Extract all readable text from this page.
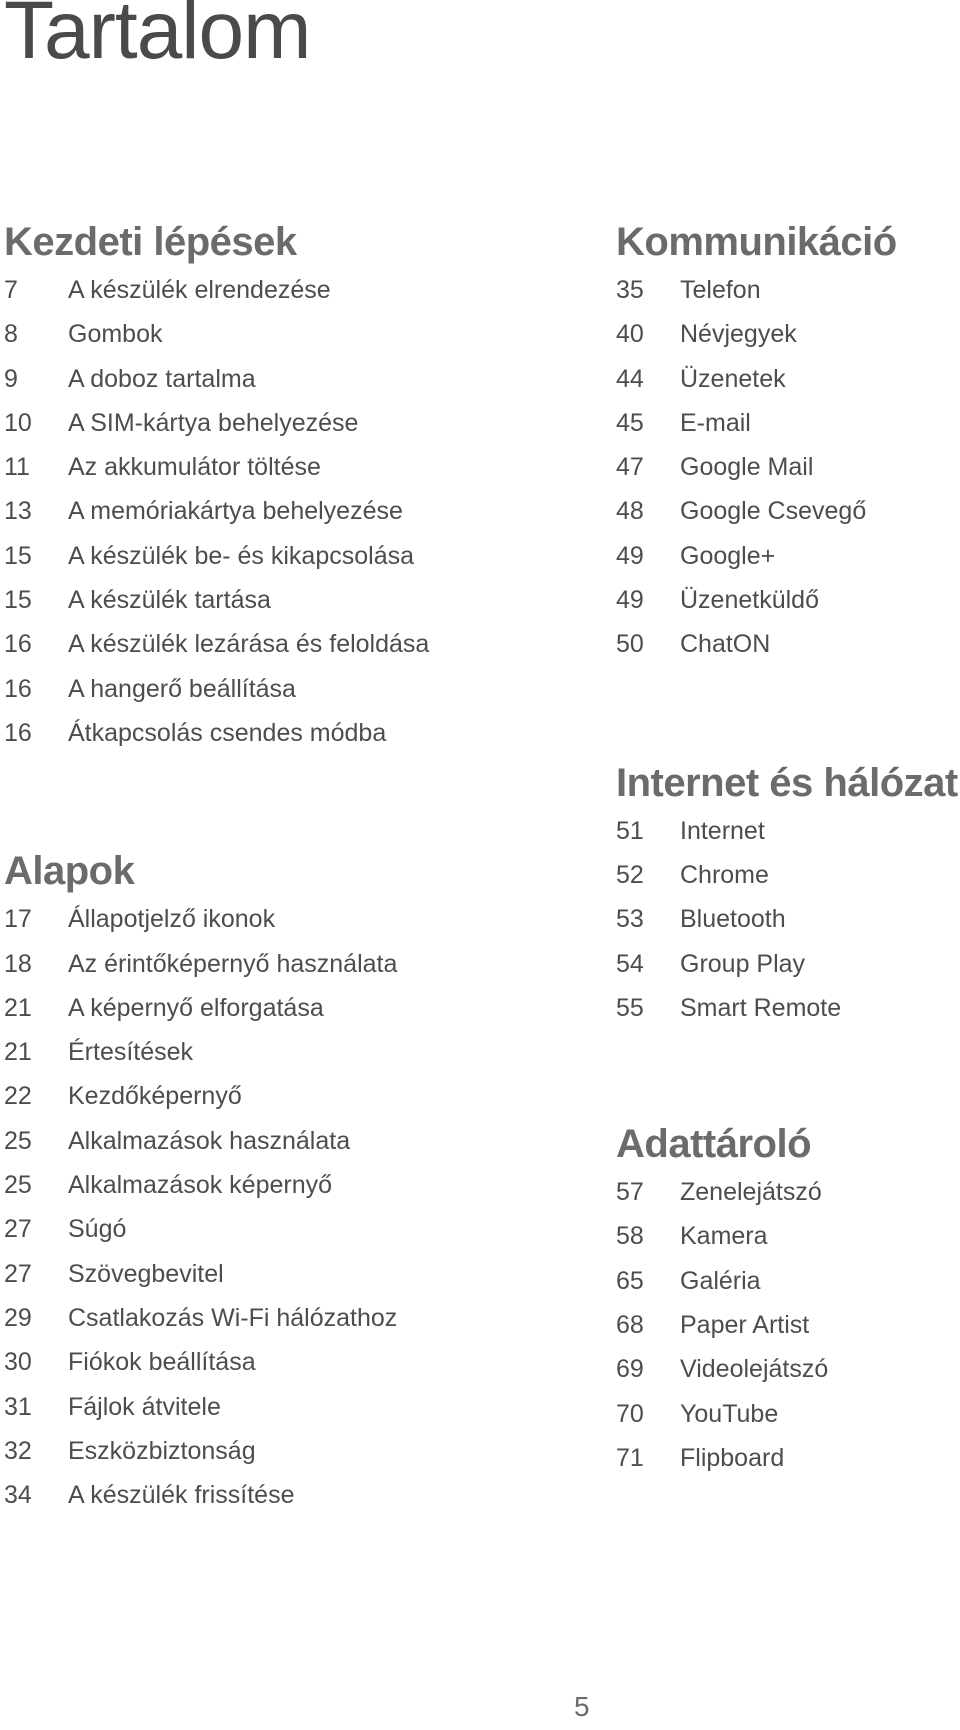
Tartalom
Kezdeti lépések
7	A készülék elrendezése
8	Gombok
9	A doboz tartalma
10	A SIM-kártya behelyezése
11	Az akkumulátor töltése
13	A memóriakártya behelyezése
15	A készülék be- és kikapcsolása
15	A készülék tartása
16	A készülék lezárása és feloldása
16	A hangerő beállítása
16	Átkapcsolás csendes módba
Alapok
17	Állapotjelző ikonok
18	Az érintőképernyő használata
21	A képernyő elforgatása
21	Értesítések
22	Kezdőképernyő
25	Alkalmazások használata
25	Alkalmazások képernyő
27	Súgó
27	Szövegbevitel
29	Csatlakozás Wi-Fi hálózathoz
30	Fiókok beállítása
31	Fájlok átvitele
32	Eszközbiztonság
34	A készülék frissítése
Kommunikáció
35	Telefon
40	Névjegyek
44	Üzenetek
45	E-mail
47	Google Mail
48	Google Csevegő
49	Google+
49	Üzenetküldő
50	ChatON
Internet és hálózat
51	Internet
52	Chrome
53	Bluetooth
54	Group Play
55	Smart Remote
Adattároló
57	Zenelejátszó
58	Kamera
65	Galéria
68	Paper Artist
69	Videolejátszó
70	YouTube
71	Flipboard
5
